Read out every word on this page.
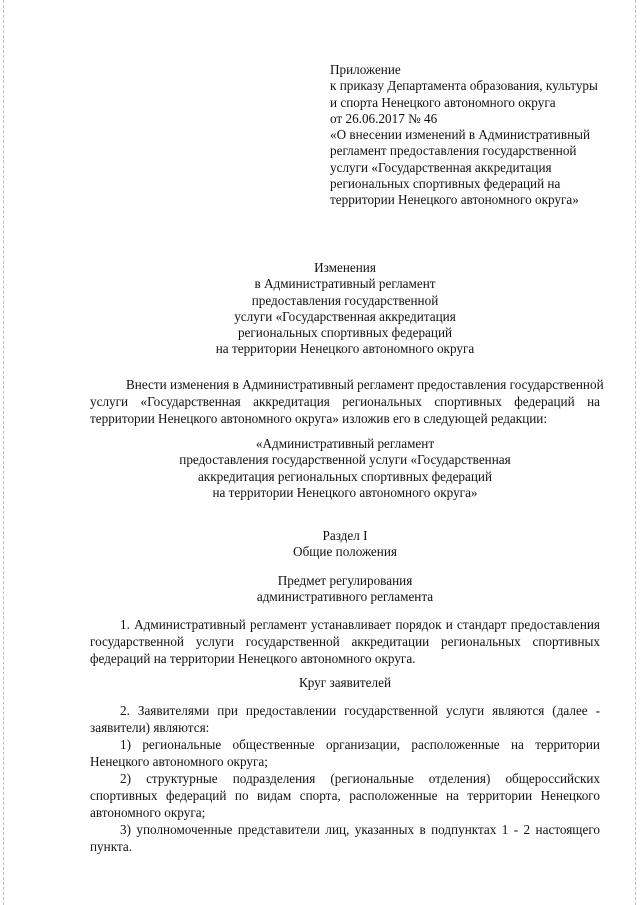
Приложение
к приказу Департамента образования, культуры
и спорта Ненецкого автономного округа
от 26.06.2017 № 46
«О внесении изменений в Административный
регламент предоставления государственной
услуги «Государственная аккредитация
региональных спортивных федераций на
территории Ненецкого автономного округа»
Изменения
в Административный регламент
предоставления государственной
услуги «Государственная аккредитация
региональных спортивных федераций
на территории Ненецкого автономного округа
Внести изменения в Административный регламент предоставления государственной
услуги «Государственная аккредитация региональных спортивных федераций на
территории Ненецкого автономного округа» изложив его в следующей редакции:
«Административный регламент
предоставления государственной услуги «Государственная
аккредитация региональных спортивных федераций
на территории Ненецкого автономного округа»
Раздел I
Общие положения
Предмет регулирования
административного регламента
1. Административный регламент устанавливает порядок и стандарт предоставления
государственной услуги государственной аккредитации региональных спортивных
федераций на территории Ненецкого автономного округа.
Круг заявителей
2. Заявителями при предоставлении государственной услуги являются (далее -
заявители) являются:
1) региональные общественные организации, расположенные на территории
Ненецкого автономного округа;
2) структурные подразделения (региональные отделения) общероссийских
спортивных федераций по видам спорта, расположенные на территории Ненецкого
автономного округа;
3) уполномоченные представители лиц, указанных в подпунктах 1 - 2 настоящего
пункта.
